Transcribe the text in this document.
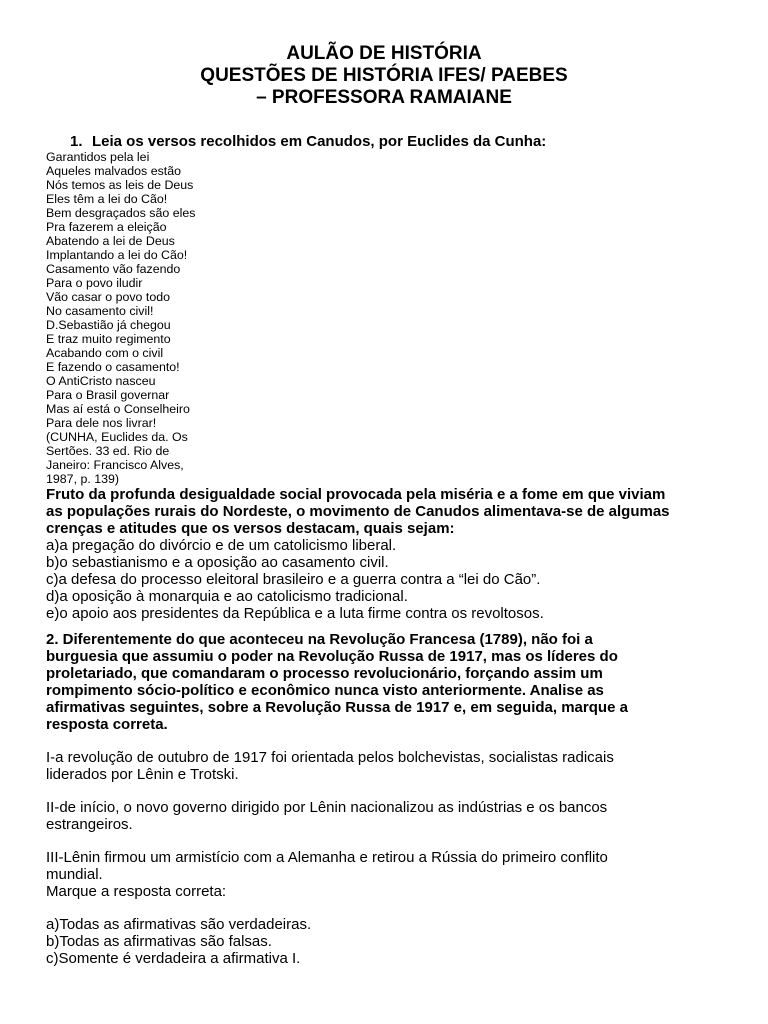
AULÃO DE HISTÓRIA
QUESTÕES DE HISTÓRIA IFES/ PAEBES
– PROFESSORA RAMAIANE
1. Leia os versos recolhidos em Canudos, por Euclides da Cunha:
Garantidos pela lei
Aqueles malvados estão
Nós temos as leis de Deus
Eles têm a lei do Cão!
Bem desgraçados são eles
Pra fazerem a eleição
Abatendo a lei de Deus
Implantando a lei do Cão!
Casamento vão fazendo
Para o povo iludir
Vão casar o povo todo
No casamento civil!
D.Sebastião já chegou
E traz muito regimento
Acabando com o civil
E fazendo o casamento!
O AntiCristo nasceu
Para o Brasil governar
Mas aí está o Conselheiro
Para dele nos livrar!
(CUNHA, Euclides da. Os
Sertões. 33 ed. Rio de
Janeiro: Francisco Alves,
1987, p. 139)
Fruto da profunda desigualdade social provocada pela miséria e a fome em que viviam
as populações rurais do Nordeste, o movimento de Canudos alimentava-se de algumas
crenças e atitudes que os versos destacam, quais sejam:
a)a pregação do divórcio e de um catolicismo liberal.
b)o sebastianismo e a oposição ao casamento civil.
c)a defesa do processo eleitoral brasileiro e a guerra contra a “lei do Cão”.
d)a oposição à monarquia e ao catolicismo tradicional.
e)o apoio aos presidentes da República e a luta firme contra os revoltosos.
2. Diferentemente do que aconteceu na Revolução Francesa (1789), não foi a
burguesia que assumiu o poder na Revolução Russa de 1917, mas os líderes do
proletariado, que comandaram o processo revolucionário, forçando assim um
rompimento sócio-político e econômico nunca visto anteriormente. Analise as
afirmativas seguintes, sobre a Revolução Russa de 1917 e, em seguida, marque a
resposta correta.
I-a revolução de outubro de 1917 foi orientada pelos bolchevistas, socialistas radicais
liderados por Lênin e Trotski.
II-de início, o novo governo dirigido por Lênin nacionalizou as indústrias e os bancos
estrangeiros.
III-Lênin firmou um armistício com a Alemanha e retirou a Rússia do primeiro conflito
mundial.
Marque a resposta correta:
a)Todas as afirmativas são verdadeiras.
b)Todas as afirmativas são falsas.
c)Somente é verdadeira a afirmativa I.
